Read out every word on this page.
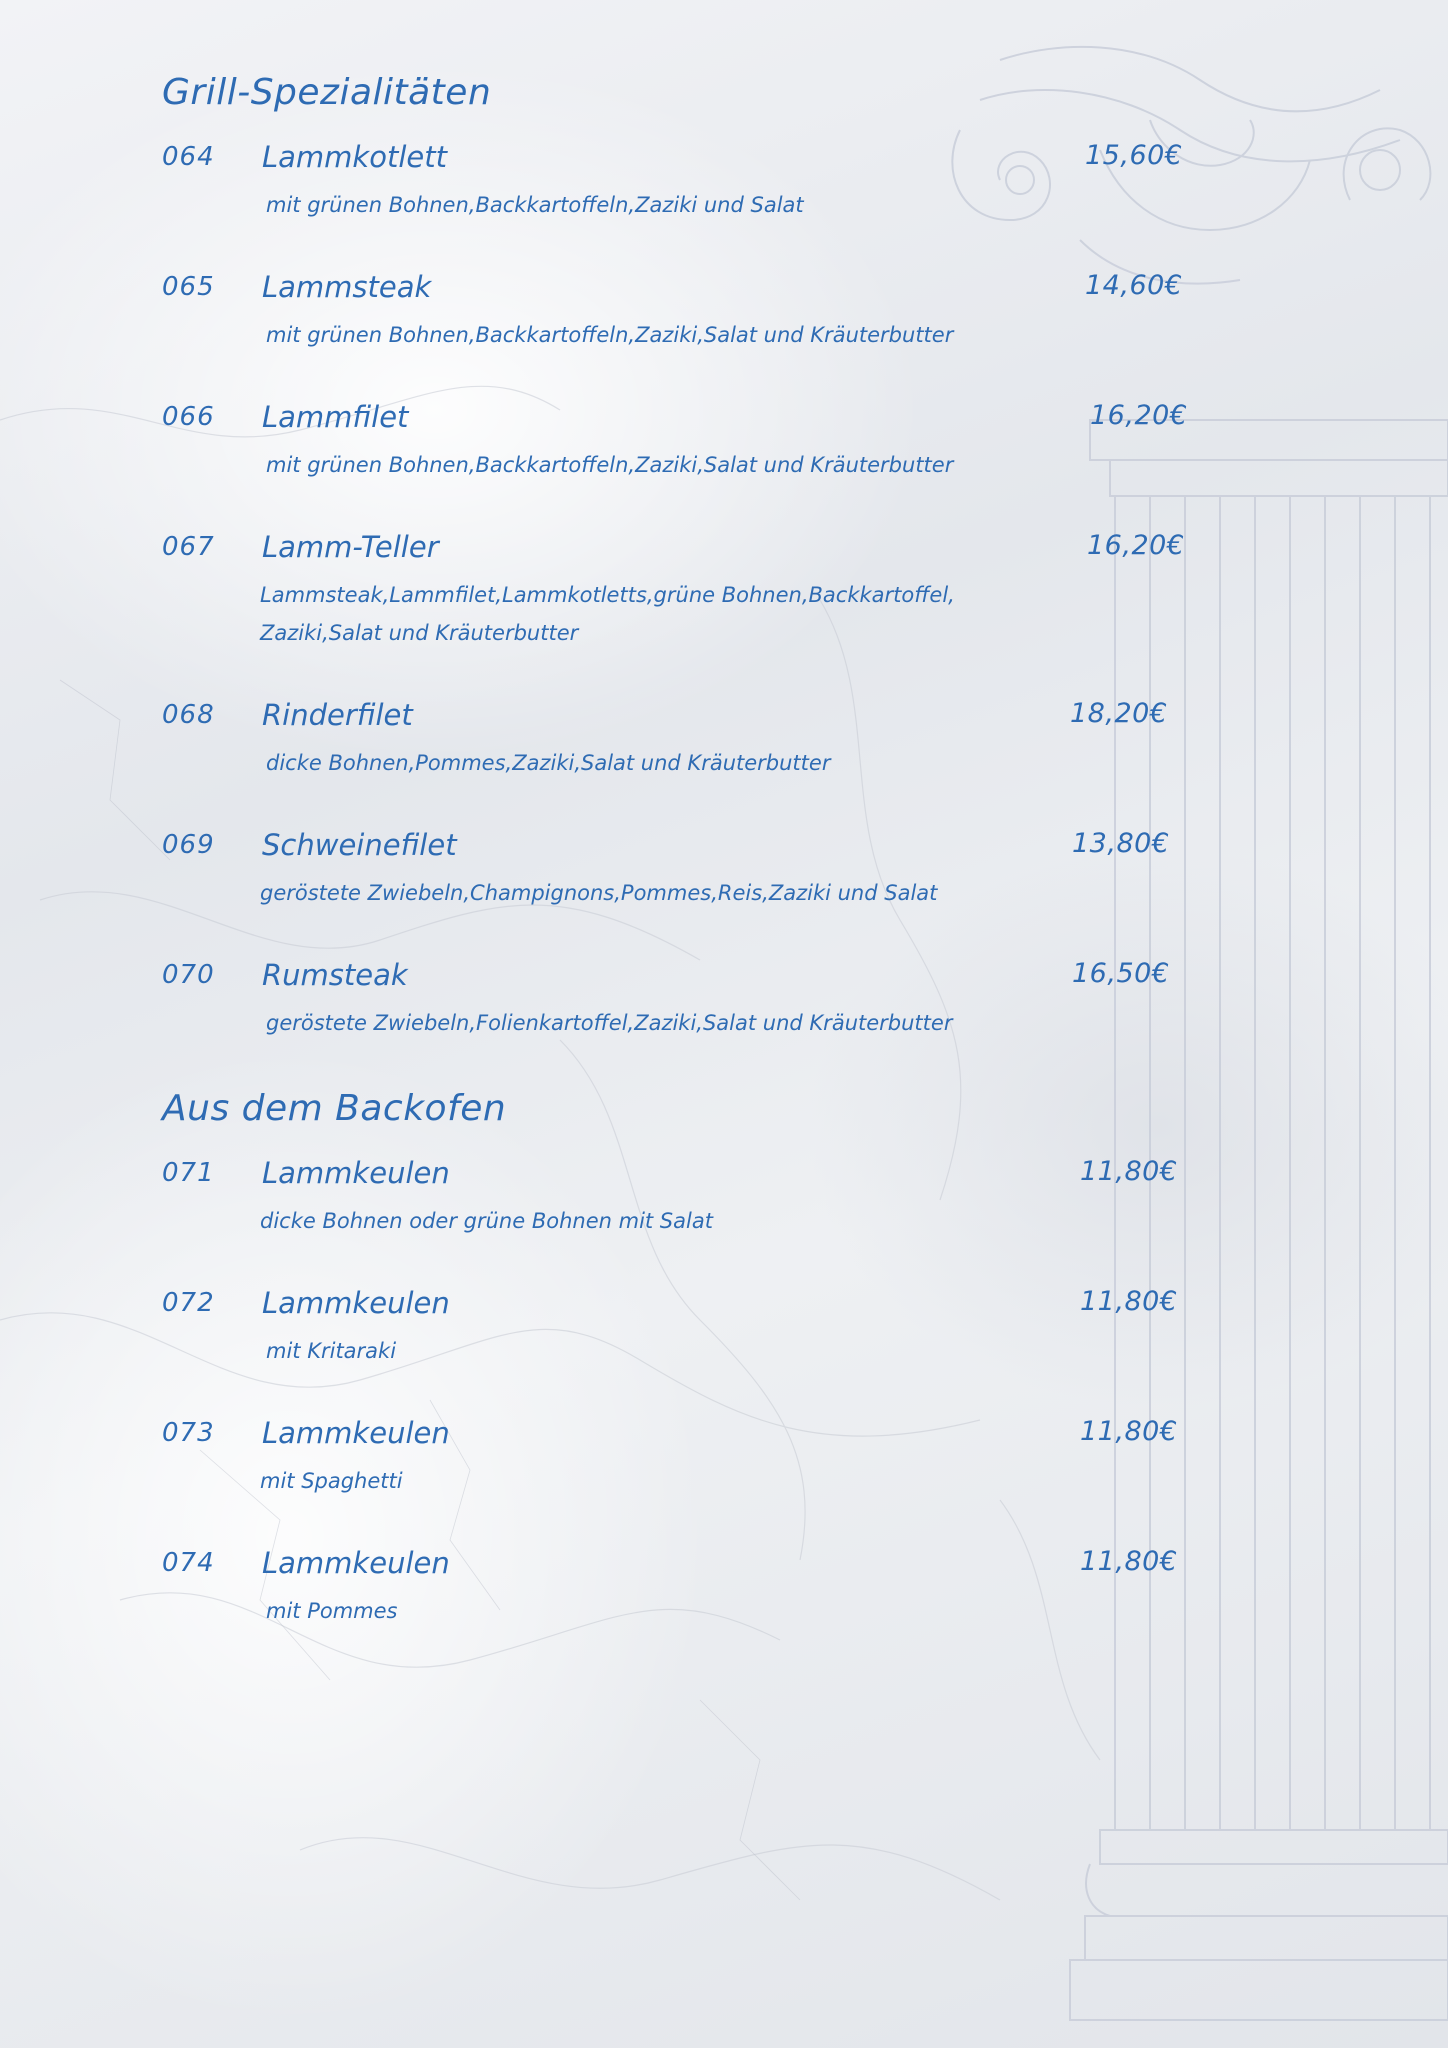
Grill-Spezialitäten
064 Lammkotlett	15,60€
mit grünen Bohnen,Backkartoffeln,Zaziki und Salat
065 Lammsteak	14,60€
mit grünen Bohnen,Backkartoffeln,Zaziki,Salat und Kräuterbutter
066 Lammfilet	16,20€
mit grünen Bohnen,Backkartoffeln,Zaziki,Salat und Kräuterbutter
067 Lamm-Teller	16,20€
Lammsteak,Lammfilet,Lammkotletts,grüne Bohnen,Backkartoffel,
Zaziki,Salat und Kräuterbutter
068 Rinderfilet	18,20€
dicke Bohnen,Pommes,Zaziki,Salat und Kräuterbutter
069 Schweinefilet	13,80€
geröstete Zwiebeln,Champignons,Pommes,Reis,Zaziki und Salat
070 Rumsteak	16,50€
geröstete Zwiebeln,Folienkartoffel,Zaziki,Salat und Kräuterbutter
Aus dem Backofen
071 Lammkeulen	11,80€
dicke Bohnen oder grüne Bohnen mit Salat
072 Lammkeulen	11,80€
mit Kritaraki
073 Lammkeulen	11,80€
mit Spaghetti
074 Lammkeulen	11,80€
mit Pommes
